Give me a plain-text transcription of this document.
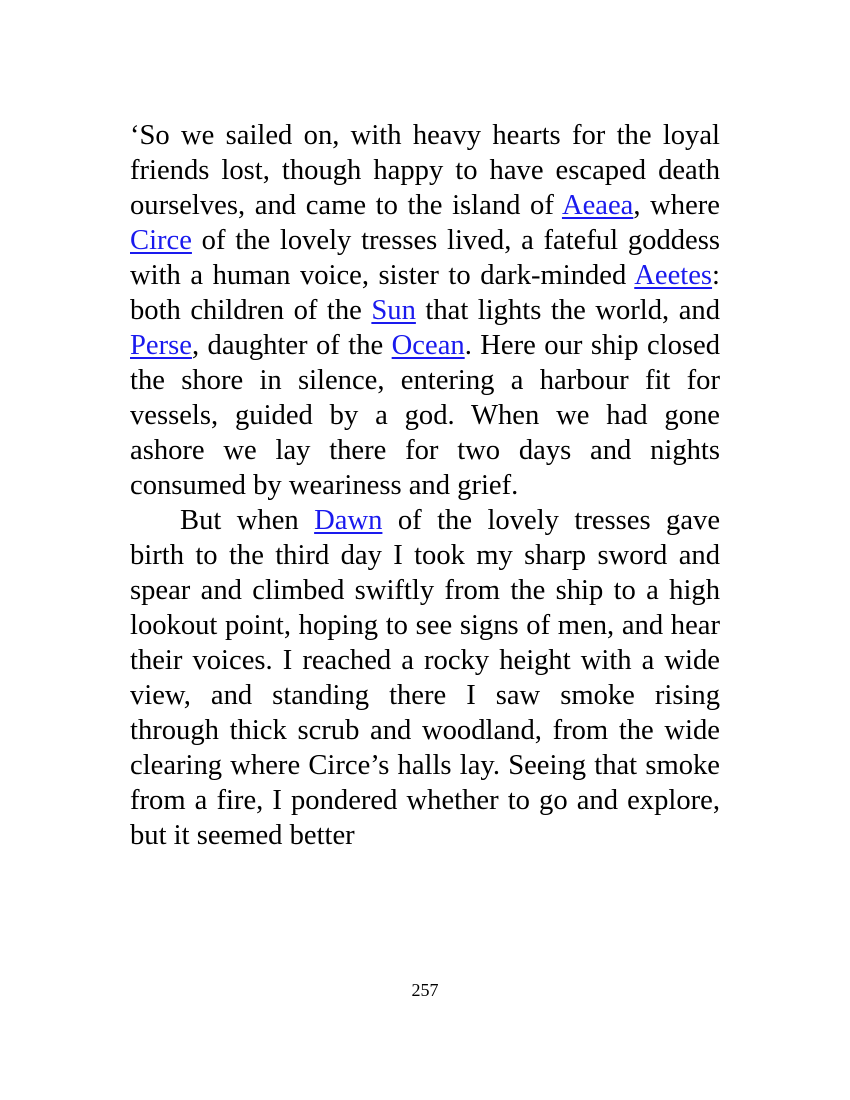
‘So we sailed on, with heavy hearts for the loyal friends lost, though happy to have escaped death ourselves, and came to the island of Aeaea, where Circe of the lovely tresses lived, a fateful goddess with a human voice, sister to dark-minded Aeetes: both children of the Sun that lights the world, and Perse, daughter of the Ocean. Here our ship closed the shore in silence, entering a harbour fit for vessels, guided by a god. When we had gone ashore we lay there for two days and nights consumed by weariness and grief.

But when Dawn of the lovely tresses gave birth to the third day I took my sharp sword and spear and climbed swiftly from the ship to a high lookout point, hoping to see signs of men, and hear their voices. I reached a rocky height with a wide view, and standing there I saw smoke rising through thick scrub and woodland, from the wide clearing where Circe’s halls lay. Seeing that smoke from a fire, I pondered whether to go and explore, but it seemed better

257
